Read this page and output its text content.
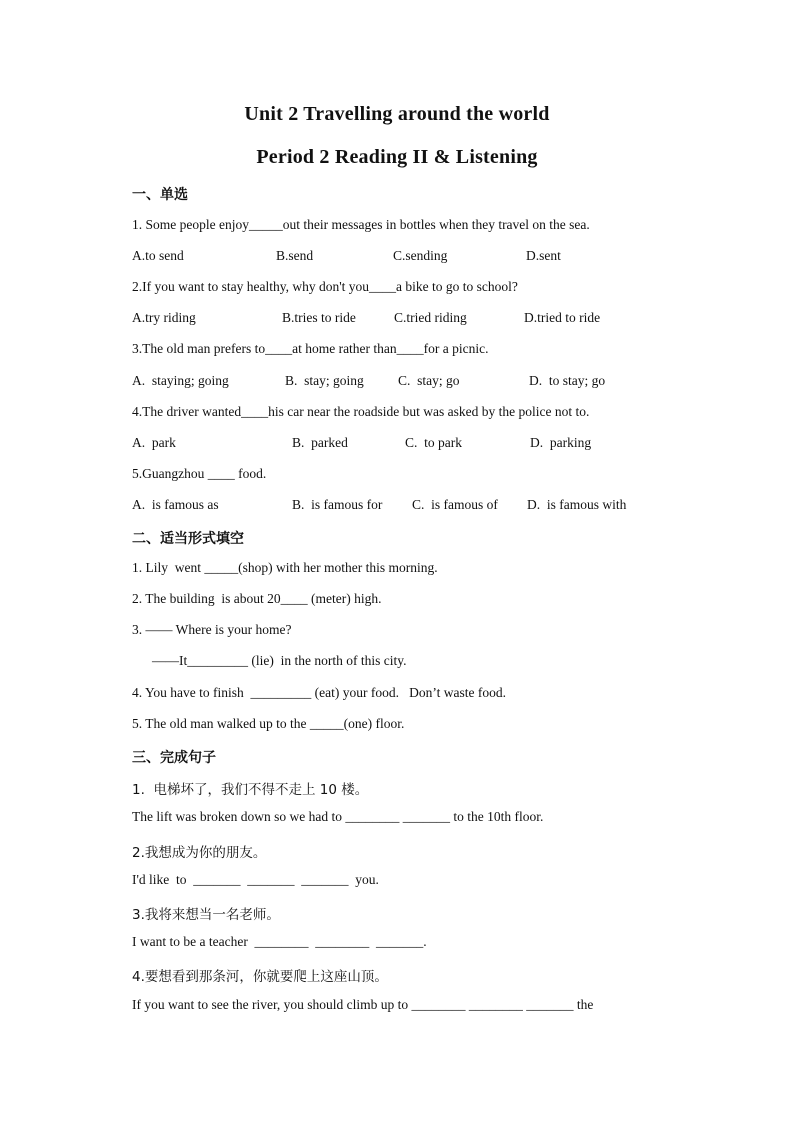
Unit 2 Travelling around the world
Period 2 Reading II & Listening
一、单选
1. Some people enjoy_____out their messages in bottles when they travel on the sea.
A.to send	B.send	C.sending	D.sent
2.If you want to stay healthy, why don't you____a bike to go to school?
A.try riding	B.tries to ride	C.tried riding	D.tried to ride
3.The old man prefers to____at home rather than____for a picnic.
A.  staying; going	B.  stay; going	C.  stay; go	D.  to stay; go
4.The driver wanted____his car near the roadside but was asked by the police not to.
A.  park	B.  parked	C.  to park	D.  parking
5.Guangzhou ____ food.
A.  is famous as	B.  is famous for C.  is famous of D.  is famous with
二、适当形式填空
1. Lily  went _____(shop) with her mother this morning.
2. The building  is about 20____ (meter) high.
3. —— Where is your home?
——It_________ (lie)  in the north of this city.
4. You have to finish  _________ (eat) your food.   Don’t waste food.
5. The old man walked up to the _____(one) floor.
三、完成句子
1.  电梯坏了，我们不得不走上 10 楼。
The lift was broken down so we had to ________ _______ to the 10th floor.
2.我想成为你的朋友。
I'd like  to  _______  _______  _______  you.
3.我将来想当一名老师。
I want to be a teacher  ________  ________  _______.
4.要想看到那条河，你就要爬上这座山顶。
If you want to see the river, you should climb up to ________ ________ _______ the
